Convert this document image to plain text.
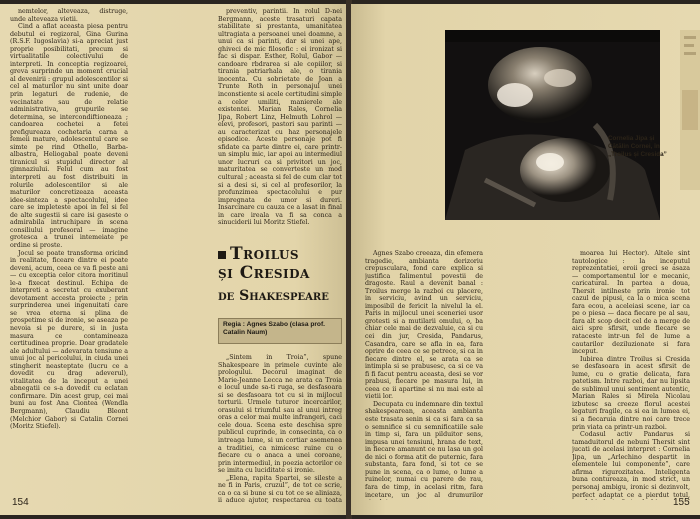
nemtelor, alteveaza, distruge, unde alteveaza vietii.

Cind a aflat aceasta piesa pentru debutul ei regizoral, Gina Gurina (R.S.F. Iugoslavia) si-a apreciat just proprie posibilitati, precum si virtualitatile colectivului de interpreti. In conceptia regizoarei, greva surprinde un moment crucial al devenirii : grupul adolescentilor si cel al maturilor nu sint unite doar prin legaturi de rudenie, de vecinatate sau de relatie administrativa, grupurile se determina, se intercondiftioneaza ; candoarea cochetei a fetei prefigureaza cochetaria carna a femeii mature, adolescentul care se simte pe rind Othello, Barba-albastra, Heliogabal poate deveni tiranicul si stupidul director al gimnaziului. Felul cum au fost interpreti au fost distribuiti in rolurile adolescentilor si ale maturilor concretizeaza aceasta idee-sinteza a spectacolului, idee care se impleteste apoi in fel si fel de alte sugestii si care isi gaseste o admirabila intruchipare in scena consiliului profesoral — imagine grotesca a trunei intemeiate pe ordine si proste.

Jocul se poate transforma oricind in realitate, ficeare dintre ei poate deveni, acum, ceea ce va fi peste ani — cu exceptia celor citora moritinul le-a fixecat destinul. Echipa de interpreti a secretat cu exuberant devotament accesta proiecte ; prin surprinderea unei ingenuitati care se vrea eterna si plina de prospetime si de ironie, se aseaza pe nevoia si pe durere, si in justa masura ce contamineaza certitudinea proprie. Doar gradatele ale adultului — adevarata tensiune a unui joc al pericolului, in ciuda unei stingherit neasteptate (lucru ce a dovedit cu drag adeverul), vitalitatea de la inceput a unei abnegatii ce s-a dovedit cu eclatan confirmare. Din acest grup, cei mai buni au fost Ana Ciontea (Wendla Bergmann), Claudiu Bleont (Melchior Gabor) si Catalin Cornei (Moritz Stiefel).

preventiv, parintii. In rolul D-nei Bergmann, aceste trasaturi capata stabilitate si prestanta, umanitatea ultragiata a persoanei unei doamne, a unui ca si parinti, dar si unei ape, ghiveci de mic filosofic : ei ironizat si fac si dispar. Esther, Rolul, Gabor — candoare rbdrarea si ale copiilor, si tirania patriarhala ale, o tirania inocenta. Cu sobrietate de Joan a Trunte Roth in personajul unei inconstiente si acele certitudini simple a celor umiliti, manierele ale existentei. Marian Rales, Cornelia Jipa, Robert Linz, Helmuth Lohrol — elevi, profesori, pastori sau parinti — au caracterizat cu haz personajele episodice. Aceste personaje pot fi sfidate ca parte dintre ei, care printr-un simplu mic, iar apoi au intermediul unor lucruri ca si privitori un joc, maturitatea se converteste un mod cultural ; aceasta si fel de cum clar tot si a desi si, si cel al profesorilor, la profunzimea spectacolului e pur impregnata de umor si dureri. Insarcinare cu cauza ce a lasat in final in care ireala va fi sa conca a sinuciderii lui Moritz Stiefel.

„Sintem in Troia”, spune Shakespeare in primele cuvinte ale prologului. Decorul imaginat de Marie-Jeanne Lecca ne arata ca Troia e locul unde sa-ti ruga, se desfasoara si se desfasoara tot cu si in mijlocul torturii. Urmele tuturor incercarilor, orasului si triumful sau al unui intreg oras a celor mai multe infrangeri, caci cele doua. Scena este deschisa spre publicul cuprinde, in consecinta, ca o intreaga lume, si un cortiar asemenea a traditiei, ca nimicesc ruine cu o fiecare cu o anaca a unei coroane, prin intermediul, in poezia actorilor ce se imita cu luciditate si ironie.

„Elena, rapita Spartei, se sileste a ne fi in Paris, cruzul”, de tot ce scrie, ca o ca si bune si cu tot ce se aliniaza, ii aduce ajutor, respectarea cu toata

154
Troilus
și Cresida
de Shakespeare
Regia : Agnes Szabo (clasa prof. Catalin Naum)

Agnes Szabo creeaza, din efemera tragedie, ambianta derizoriu crepusculara, fond care explica si justifica falimentul povestii de dragoste. Raul a devenit banal : Troilus merge la razboi cu placere, in serviciu, avind un serviciu, imposibil de fericit la nivelul la el. Paris in mijlocul unei sceneriei usor grotesti si a mutilarii omului, o, ba chiar cele mai de dezvaluie, ca si cu cei din jur, Cresida, Pandarus, Casandra, care se afla in ea, fara oprire de ceea ce se petrece, si ca in fiecare dintre el, se arata ca se intimpla si se prabusesc, ca si ce va fi fi facut pentru aceasta, desi se vor prabusi, fiecare pe masura lui, in ceea ce ii apartine si nu mai este al vietii lor.

Decupata cu indemnare din textul shakespearean, aceasta ambianta este trasata senin si ca si fara ca sa o semnifice si cu semnificatiile sale in timp si, fara un pilduitor sens, impusa unei tensiuni, hrana de text, in fiecare amanunt ce nu lasa un gol de nici o forma atit de puternic, fara substanta, fara fond, si tot ce se pune in scena, ca o lume, o lume a ruinelor, numai cu parere de rau, fara de timp, in acelasi ritm, fara incetare, un joc al drumurilor

moarea lui Hector). Altele sint tautologice : la inceputul reprezentatiei, eroii greci se asaza — comportamentul lor e mecanic, caricatural. In partea a doua, Thersit intilneste prin ironie tot cazul de pipusi, ca la o mica scena fara ecou, a aceleiasi scene, iar ca pe o piesa — daca fiecare pe al sau, fara alt scop decit cel de a merge de aici spre sfirsit, unde fiecare se rataceste intr-un fel de lume a cautarilor deziluzionate si fara inceput.

Iubirea dintre Troilus si Cresida se desfasoara in acest sfirsit de lume, cu o gratie delicata, fara patetism. Intre razboi, dar nu lipsita de sublimul unui sentiment autentic, Marian Rales si Mirela Nicolau izbutesc sa creeze florul acestei legaturi fragile, ca si ea in lumea ei, si a fiecaruia dintre noi care trece prin viata ca printr-un razboi.

Codasul activ Pandarus si tamaduitorul de nebuni Thersit sint jucati de acelasi interpret : Cornelia Jipa, un „Arlechino despartit in elementele lui componente”, care afirma rigurozitatea. Inteligenta buna contureaza, in mod strict, un personaj ambigu, ironic si dezinvolt, perfect adaptat ce a pierdut totul,

155
Cornelia Jipa și Cătălin Cornei, în „Troilus și Cresida”
